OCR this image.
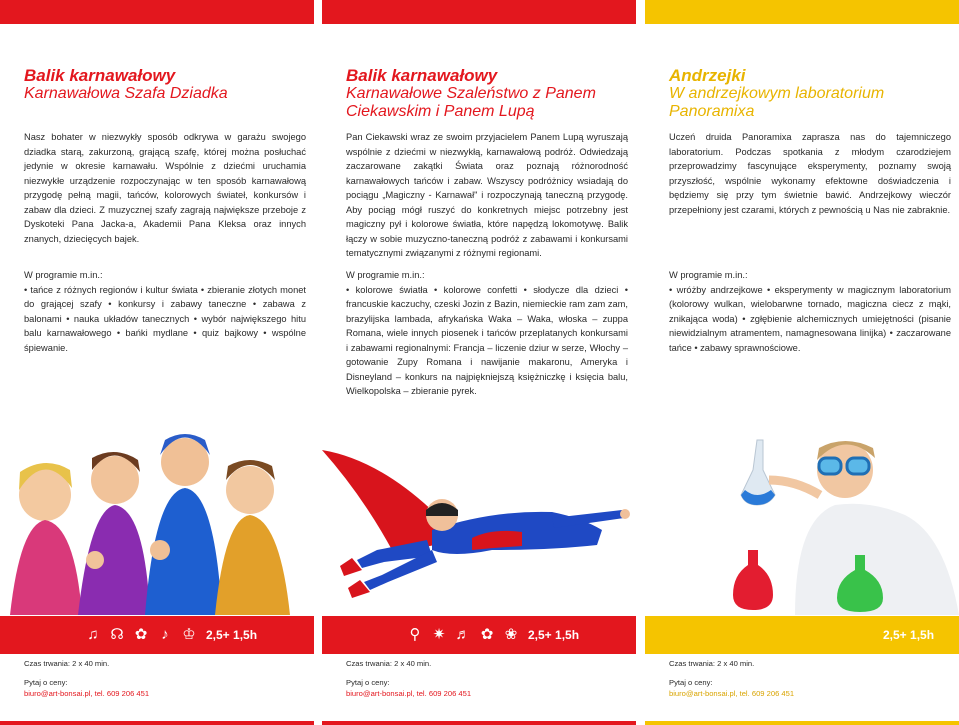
Balik karnawałowy
Karnawałowa Szafa Dziadka
Nasz bohater w niezwykły sposób odkrywa w garażu swojego dziadka starą, zakurzoną, grającą szafę, której można posłuchać jedynie w okresie karnawału. Wspólnie z dziećmi uruchamia niezwykłe urządzenie rozpoczynając w ten sposób karnawałową przygodę pełną magii, tańców, kolorowych świateł, konkursów i zabaw dla dzieci. Z muzycznej szafy zagrają największe przeboje z Dyskoteki Pana Jacka-a, Akademii Pana Kleksa oraz innych znanych, dziecięcych bajek.
W programie m.in.:
• tańce z różnych regionów i kultur świata • zbieranie złotych monet do grającej szafy • konkursy i zabawy taneczne • zabawa z balonami • nauka układów tanecznych • wybór największego hitu balu karnawałowego • bańki mydlane • quiz bajkowy • wspólne śpiewanie.
♫ ☊ ✿ ♪ ♔ 2,5+ 1,5h
Czas trwania: 2 x 40 min.
Pytaj o ceny:
biuro@art-bonsai.pl, tel. 609 206 451
Balik karnawałowy
Karnawałowe Szaleństwo z Panem Ciekawskim i Panem Lupą
Pan Ciekawski wraz ze swoim przyjacielem Panem Lupą wyruszają wspólnie z dziećmi w niezwykłą, karnawałową podróż. Odwiedzają zaczarowane zakątki Świata oraz poznają różnorodność karnawałowych tańców i zabaw. Wszyscy podróżnicy wsiadają do pociągu „Magiczny - Karnawał" i rozpoczynają taneczną przygodę. Aby pociąg mógł ruszyć do konkretnych miejsc potrzebny jest magiczny pył i kolorowe światła, które napędzą lokomotywę. Balik łączy w sobie muzyczno-taneczną podróż z zabawami i konkursami tematycznymi związanymi z różnymi regionami.
W programie m.in.:
• kolorowe światła • kolorowe confetti • słodycze dla dzieci • francuskie kaczuchy, czeski Jozin z Bazin, niemieckie ram zam zam, brazylijska lambada, afrykańska Waka – Waka, włoska – zuppa Romana, wiele innych piosenek i tańców przeplatanych konkursami i zabawami regionalnymi: Francja – liczenie dziur w serze, Włochy – gotowanie Zupy Romana i nawijanie makaronu, Ameryka i Disneyland – konkurs na najpiękniejszą księżniczkę i księcia balu, Wielkopolska – zbieranie pyrek.
⚲ ✷ ♬ ✿ ❀ 2,5+ 1,5h
Czas trwania: 2 x 40 min.
Pytaj o ceny:
biuro@art-bonsai.pl, tel. 609 206 451
Andrzejki
W andrzejkowym laboratorium Panoramixa
Uczeń druida Panoramixa zaprasza nas do tajemniczego laboratorium. Podczas spotkania z młodym czarodziejem przeprowadzimy fascynujące eksperymenty, poznamy swoją przyszłość, wspólnie wykonamy efektowne doświadczenia i będziemy się przy tym świetnie bawić. Andrzejkowy wieczór przepełniony jest czarami, których z pewnością u Nas nie zabraknie.
W programie m.in.:
• wróżby andrzejkowe • eksperymenty w magicznym laboratorium (kolorowy wulkan, wielobarwne tornado, magiczna ciecz z mąki, znikająca woda) • zgłębienie alchemicznych umiejętności (pisanie niewidzialnym atramentem, namagnesowana linijka) • zaczarowane tańce • zabawy sprawnościowe.
2,5+ 1,5h
Czas trwania: 2 x 40 min.
Pytaj o ceny:
biuro@art-bonsai.pl, tel. 609 206 451
